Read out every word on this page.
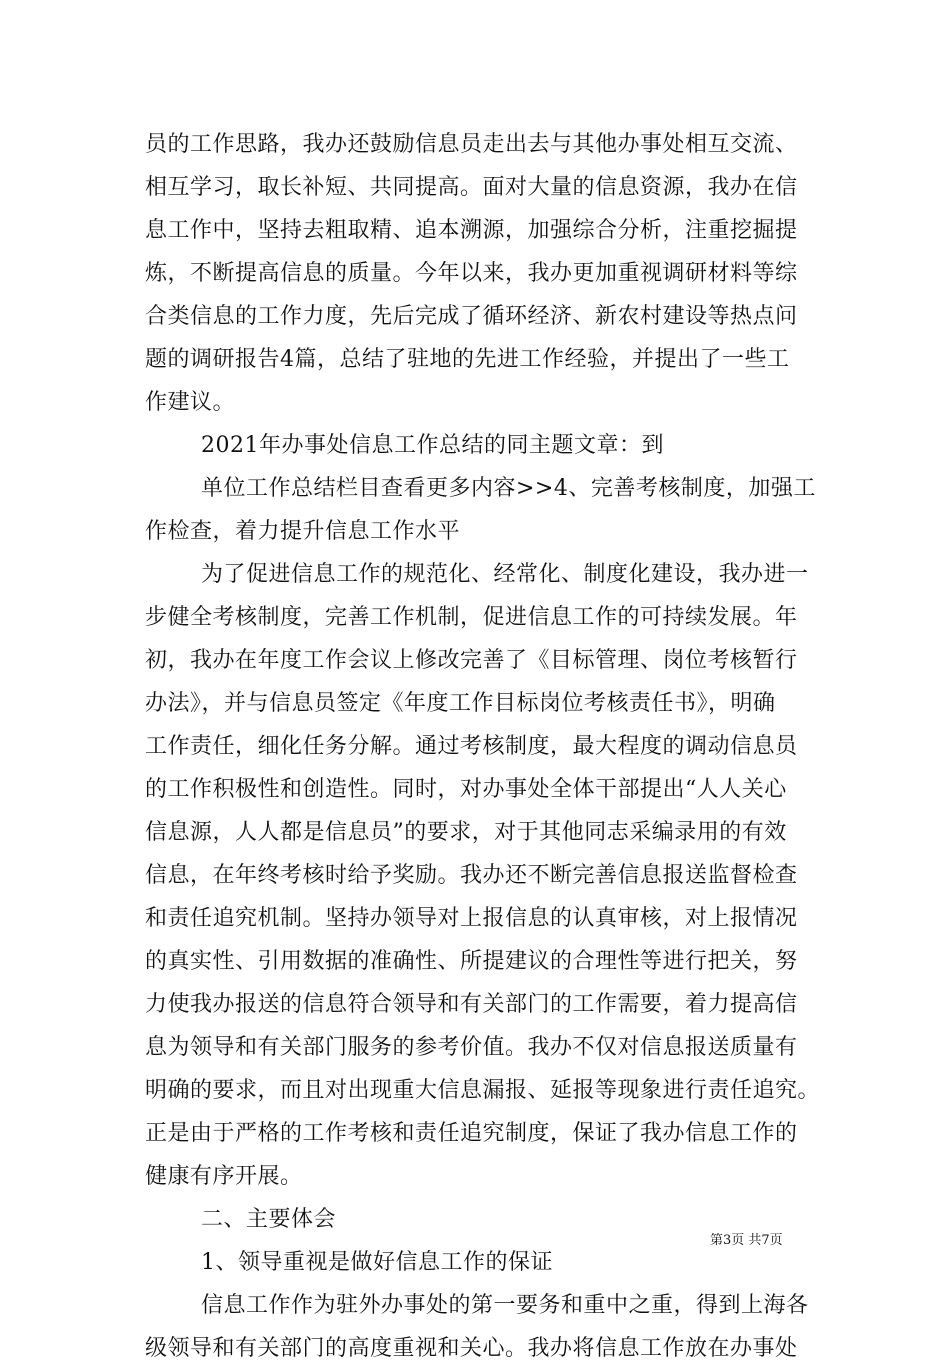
员的工作思路，我办还鼓励信息员走出去与其他办事处相互交流、
相互学习，取长补短、共同提高。面对大量的信息资源，我办在信
息工作中，坚持去粗取精、追本溯源，加强综合分析，注重挖掘提
炼，不断提高信息的质量。今年以来，我办更加重视调研材料等综
合类信息的工作力度，先后完成了循环经济、新农村建设等热点问
题的调研报告4篇，总结了驻地的先进工作经验，并提出了一些工
作建议。
2021年办事处信息工作总结的同主题文章：到
单位工作总结栏目查看更多内容>>4、完善考核制度，加强工
作检查，着力提升信息工作水平
为了促进信息工作的规范化、经常化、制度化建设，我办进一
步健全考核制度，完善工作机制，促进信息工作的可持续发展。年
初，我办在年度工作会议上修改完善了《目标管理、岗位考核暂行
办法》，并与信息员签定《年度工作目标岗位考核责任书》，明确
工作责任，细化任务分解。通过考核制度，最大程度的调动信息员
的工作积极性和创造性。同时，对办事处全体干部提出“人人关心
信息源，人人都是信息员”的要求，对于其他同志采编录用的有效
信息，在年终考核时给予奖励。我办还不断完善信息报送监督检查
和责任追究机制。坚持办领导对上报信息的认真审核，对上报情况
的真实性、引用数据的准确性、所提建议的合理性等进行把关，努
力使我办报送的信息符合领导和有关部门的工作需要，着力提高信
息为领导和有关部门服务的参考价值。我办不仅对信息报送质量有
明确的要求，而且对出现重大信息漏报、延报等现象进行责任追究。
正是由于严格的工作考核和责任追究制度，保证了我办信息工作的
健康有序开展。
二、主要体会
1、领导重视是做好信息工作的保证
信息工作作为驻外办事处的第一要务和重中之重，得到上海各
级领导和有关部门的高度重视和关心。我办将信息工作放在办事处
第3页 共7页
